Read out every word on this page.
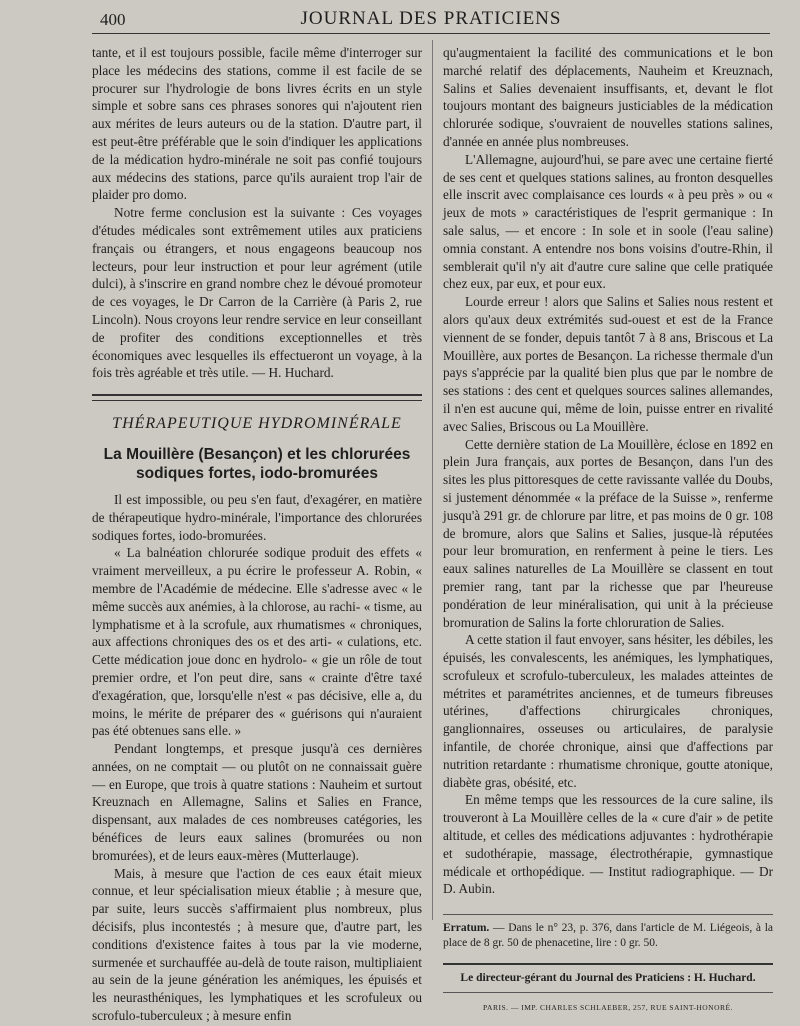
400	JOURNAL DES PRATICIENS

tante, et il est toujours possible, facile même d'interroger sur place les médecins des stations, comme il est facile de se procurer sur l'hydrologie de bons livres écrits en un style simple et sobre sans ces phrases sonores qui n'ajoutent rien aux mérites de leurs auteurs ou de la station. D'autre part, il est peut-être préférable que le soin d'indiquer les applications de la médication hydro-minérale ne soit pas confié toujours aux médecins des stations, parce qu'ils auraient trop l'air de plaider pro domo.

Notre ferme conclusion est la suivante : Ces voyages d'études médicales sont extrêmement utiles aux praticiens français ou étrangers, et nous engageons beaucoup nos lecteurs, pour leur instruction et pour leur agrément (utile dulci), à s'inscrire en grand nombre chez le dévoué promoteur de ces voyages, le Dr Carron de la Carrière (à Paris 2, rue Lincoln). Nous croyons leur rendre service en leur conseillant de profiter des conditions exceptionnelles et très économiques avec lesquelles ils effectueront un voyage, à la fois très agréable et très utile. — H. Huchard.

THÉRAPEUTIQUE HYDROMINÉRALE
La Mouillère (Besançon) et les chlorurées sodiques fortes, iodo-bromurées

Il est impossible, ou peu s'en faut, d'exagérer, en matière de thérapeutique hydro-minérale, l'importance des chlorurées sodiques fortes, iodo-bromurées.

« La balnéation chlorurée sodique produit des effets « vraiment merveilleux, a pu écrire le professeur A. Robin, « membre de l'Académie de médecine. Elle s'adresse avec « le même succès aux anémies, à la chlorose, au rachi- « tisme, au lymphatisme et à la scrofule, aux rhumatismes « chroniques, aux affections chroniques des os et des arti- « culations, etc. Cette médication joue donc en hydrolo- « gie un rôle de tout premier ordre, et l'on peut dire, sans « crainte d'être taxé d'exagération, que, lorsqu'elle n'est « pas décisive, elle a, du moins, le mérite de préparer des « guérisons qui n'auraient pas été obtenues sans elle. »

Pendant longtemps, et presque jusqu'à ces dernières années, on ne comptait — ou plutôt on ne connaissait guère — en Europe, que trois à quatre stations : Nauheim et surtout Kreuznach en Allemagne, Salins et Salies en France, dispensant, aux malades de ces nombreuses catégories, les bénéfices de leurs eaux salines (bromurées ou non bromurées), et de leurs eaux-mères (Mutterlauge).

Mais, à mesure que l'action de ces eaux était mieux connue, et leur spécialisation mieux établie ; à mesure que, par suite, leurs succès s'affirmaient plus nombreux, plus décisifs, plus incontestés ; à mesure que, d'autre part, les conditions d'existence faites à tous par la vie moderne, surmenée et surchauffée au-delà de toute raison, multipliaient au sein de la jeune génération les anémiques, les épuisés et les neurasthéniques, les lymphatiques et les scrofuleux ou scrofulo-tuberculeux ; à mesure enfin

qu'augmentaient la facilité des communications et le bon marché relatif des déplacements, Nauheim et Kreuznach, Salins et Salies devenaient insuffisants, et, devant le flot toujours montant des baigneurs justiciables de la médication chlorurée sodique, s'ouvraient de nouvelles stations salines, d'année en année plus nombreuses.

L'Allemagne, aujourd'hui, se pare avec une certaine fierté de ses cent et quelques stations salines, au fronton desquelles elle inscrit avec complaisance ces lourds « à peu près » ou « jeux de mots » caractéristiques de l'esprit germanique : In sale salus, — et encore : In sole et in soole (l'eau saline) omnia constant. A entendre nos bons voisins d'outre-Rhin, il semblerait qu'il n'y ait d'autre cure saline que celle pratiquée chez eux, par eux, et pour eux.

Lourde erreur ! alors que Salins et Salies nous restent et alors qu'aux deux extrémités sud-ouest et est de la France viennent de se fonder, depuis tantôt 7 à 8 ans, Briscous et La Mouillère, aux portes de Besançon. La richesse thermale d'un pays s'apprécie par la qualité bien plus que par le nombre de ses stations : des cent et quelques sources salines allemandes, il n'en est aucune qui, même de loin, puisse entrer en rivalité avec Salies, Briscous ou La Mouillère.

Cette dernière station de La Mouillère, éclose en 1892 en plein Jura français, aux portes de Besançon, dans l'un des sites les plus pittoresques de cette ravissante vallée du Doubs, si justement dénommée « la préface de la Suisse », renferme jusqu'à 291 gr. de chlorure par litre, et pas moins de 0 gr. 108 de bromure, alors que Salins et Salies, jusque-là réputées pour leur bromuration, en renferment à peine le tiers. Les eaux salines naturelles de La Mouillère se classent en tout premier rang, tant par la richesse que par l'heureuse pondération de leur minéralisation, qui unit à la précieuse bromuration de Salins la forte chloruration de Salies.

A cette station il faut envoyer, sans hésiter, les débiles, les épuisés, les convalescents, les anémiques, les lymphatiques, scrofuleux et scrofulo-tuberculeux, les malades atteintes de métrites et paramétrites anciennes, et de tumeurs fibreuses utérines, d'affections chirurgicales chroniques, ganglionnaires, osseuses ou articulaires, de paralysie infantile, de chorée chronique, ainsi que d'affections par nutrition retardante : rhumatisme chronique, goutte atonique, diabète gras, obésité, etc.

En même temps que les ressources de la cure saline, ils trouveront à La Mouillère celles de la « cure d'air » de petite altitude, et celles des médications adjuvantes : hydrothérapie et sudothérapie, massage, électrothérapie, gymnastique médicale et orthopédique. — Institut radiographique. — Dr D. Aubin.

Erratum. — Dans le n° 23, p. 376, dans l'article de M. Liégeois, à la place de 8 gr. 50 de phenacetine, lire : 0 gr. 50.
Le directeur-gérant du Journal des Praticiens : H. Huchard.
PARIS. — IMP. CHARLES SCHLAEBER, 257, RUE SAINT-HONORÉ.
